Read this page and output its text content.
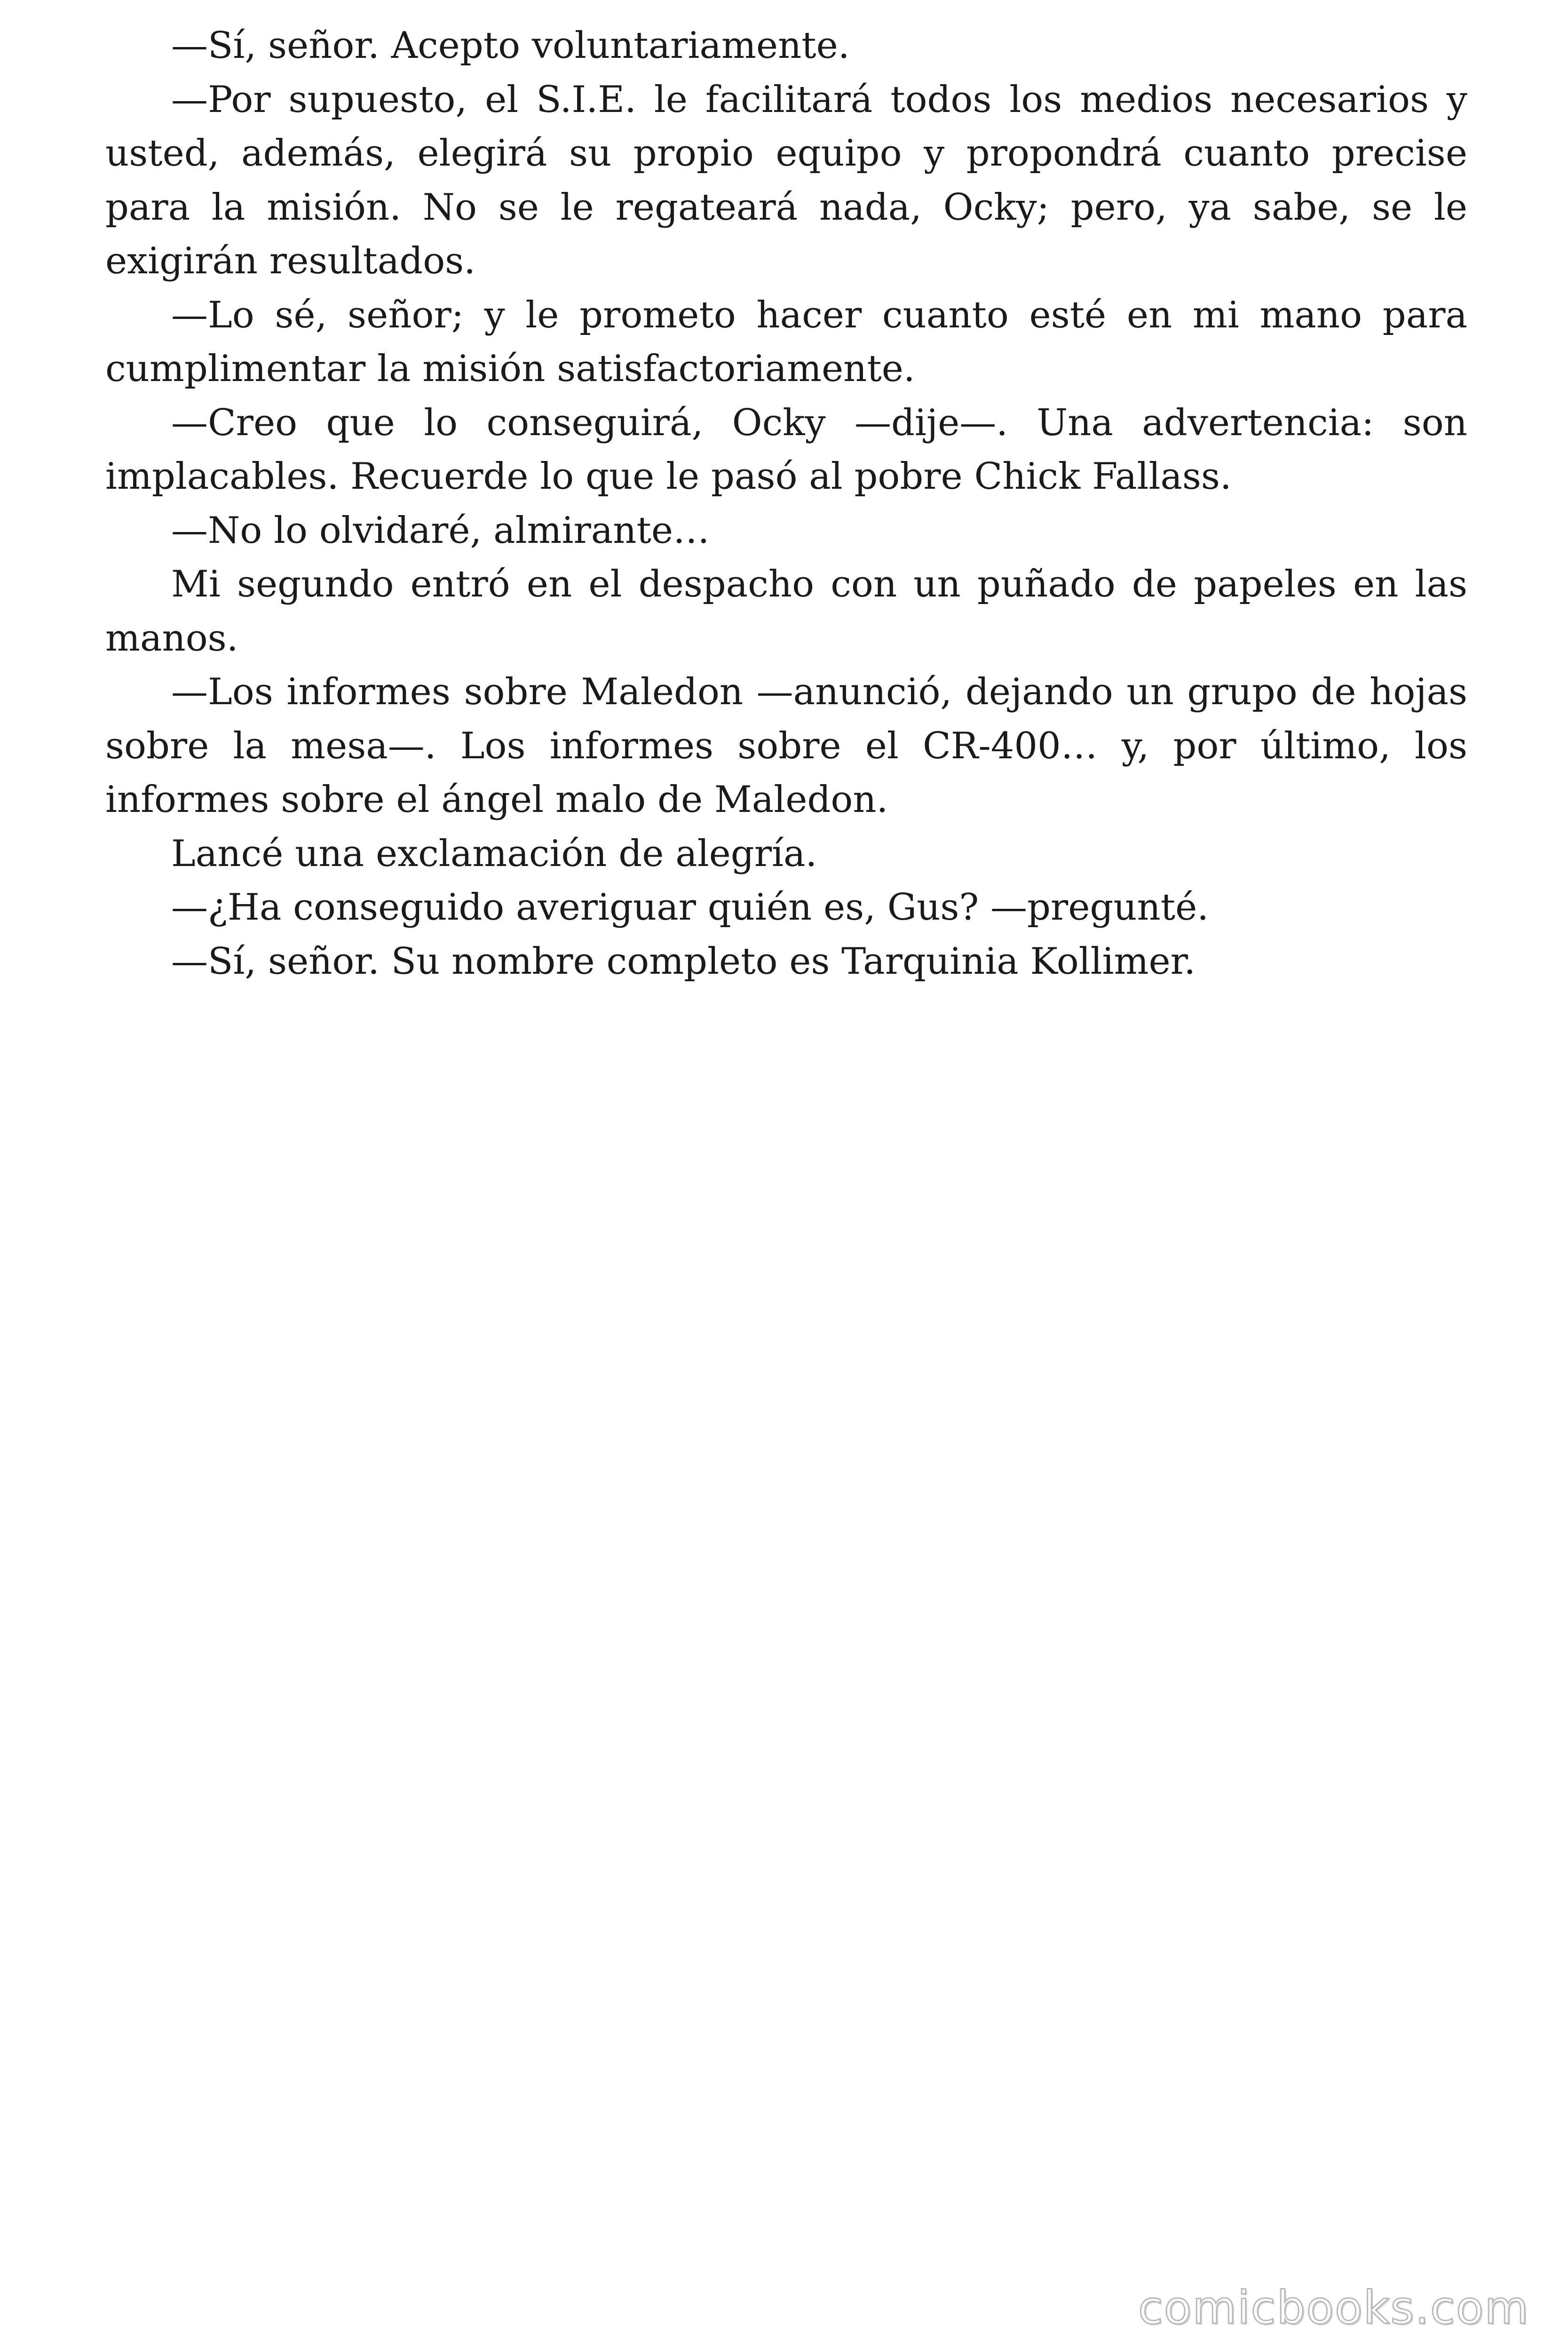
—Sí, señor. Acepto voluntariamente.

—Por supuesto, el S.I.E. le facilitará todos los medios necesarios y usted, además, elegirá su propio equipo y propondrá cuanto precise para la misión. No se le regateará nada, Ocky; pero, ya sabe, se le exigirán resultados.

—Lo sé, señor; y le prometo hacer cuanto esté en mi mano para cumplimentar la misión satisfactoriamente.

—Creo que lo conseguirá, Ocky —dije—. Una advertencia: son implacables. Recuerde lo que le pasó al pobre Chick Fallass.

—No lo olvidaré, almirante…

Mi segundo entró en el despacho con un puñado de papeles en las manos.

—Los informes sobre Maledon —anunció, dejando un grupo de hojas sobre la mesa—. Los informes sobre el CR-400… y, por último, los informes sobre el ángel malo de Maledon.

Lancé una exclamación de alegría.

—¿Ha conseguido averiguar quién es, Gus? —pregunté.

—Sí, señor. Su nombre completo es Tarquinia Kollimer.

comicbooks.com
